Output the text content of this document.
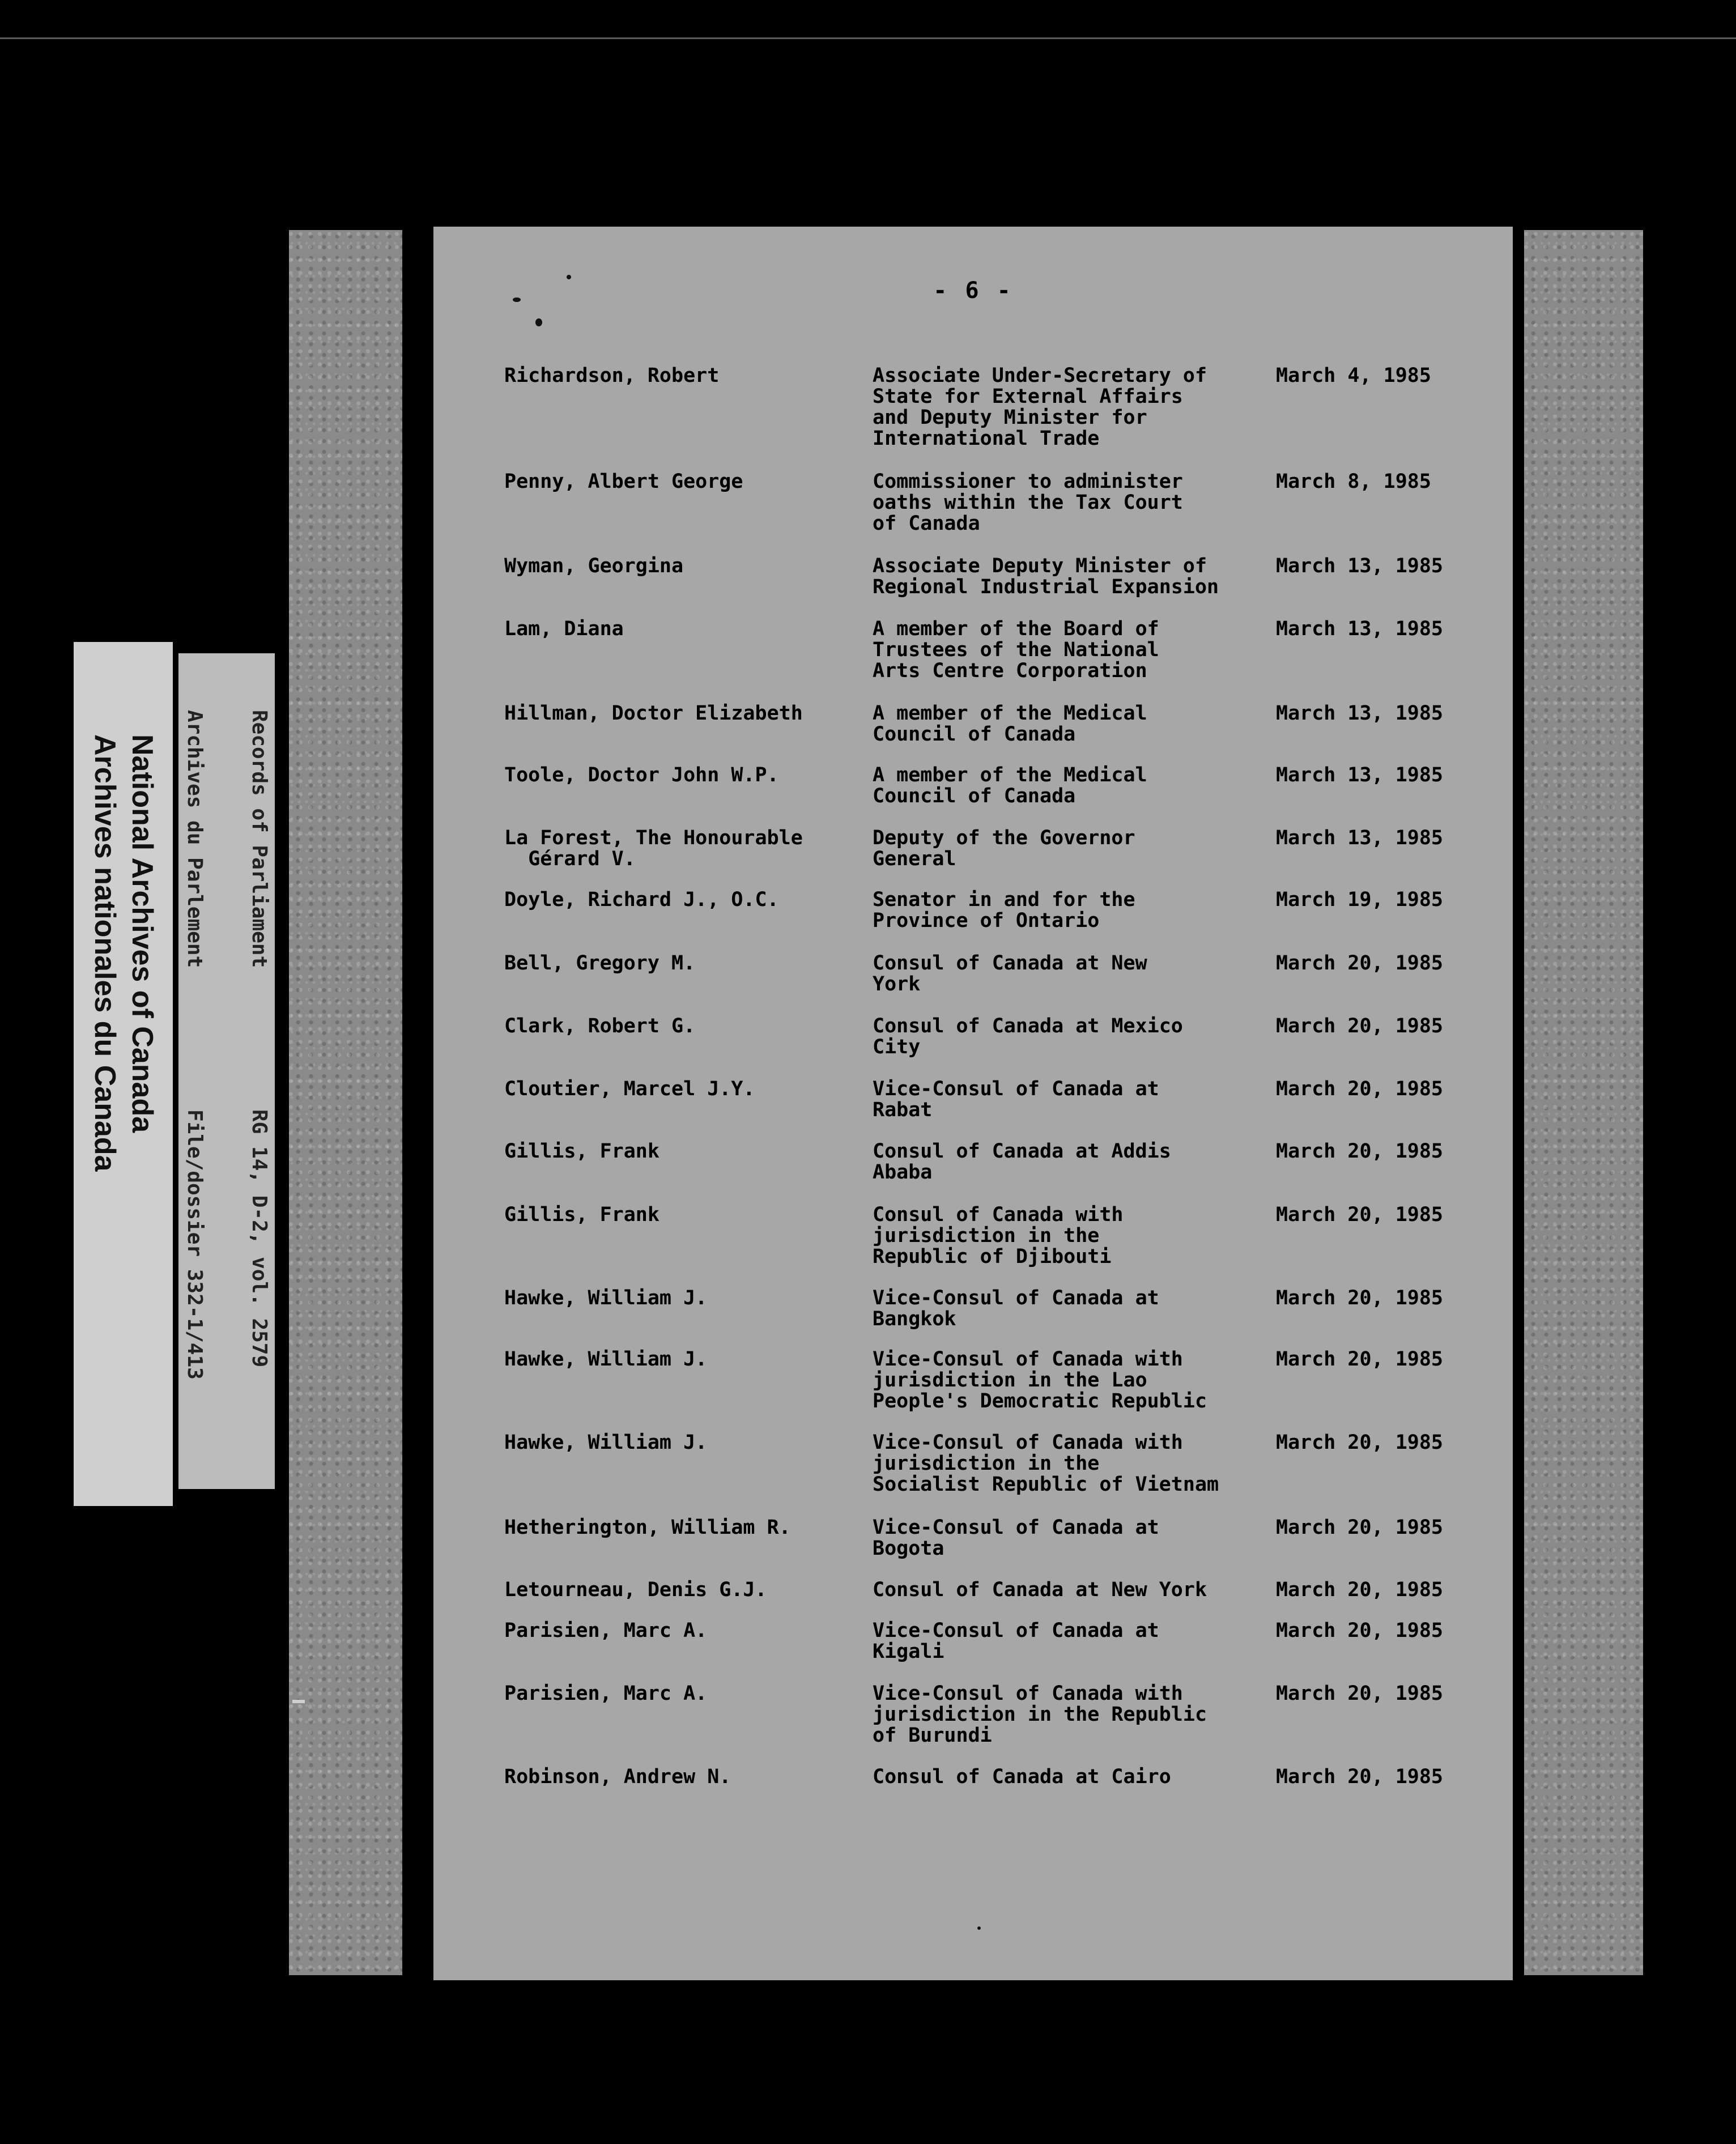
National Archives of Canada
Archives nationales du Canada

	Records of Parliament

Archives du Parlement

RG 14, D-2, vol. 2579

File/dossier 332-1/413

- 6 -
Richardson, Robert	Associate Under-Secretary of
State for External Affairs
and Deputy Minister for
International Trade
March 4, 1985
Penny, Albert George	Commissioner to administer
oaths within the Tax Court
of Canada
March 8, 1985
Wyman, Georgina	Associate Deputy Minister of
Regional Industrial Expansion
March 13, 1985
Lam, Diana	A member of the Board of
Trustees of the National
Arts Centre Corporation
March 13, 1985
Hillman, Doctor Elizabeth	A member of the Medical
Council of Canada
March 13, 1985
Toole, Doctor John W.P.	A member of the Medical
Council of Canada
March 13, 1985
La Forest, The Honourable
Gérard V.
Deputy of the Governor
General
March 13, 1985
Doyle, Richard J., O.C.	Senator in and for the
Province of Ontario
March 19, 1985
Bell, Gregory M.	Consul of Canada at New
York
March 20, 1985
Clark, Robert G.	Consul of Canada at Mexico
City
March 20, 1985
Cloutier, Marcel J.Y.	Vice-Consul of Canada at
Rabat
March 20, 1985
Gillis, Frank	Consul of Canada at Addis
Ababa
March 20, 1985
Gillis, Frank	Consul of Canada with
jurisdiction in the
Republic of Djibouti
March 20, 1985
Hawke, William J.	Vice-Consul of Canada at
Bangkok
March 20, 1985
Hawke, William J.	Vice-Consul of Canada with
jurisdiction in the Lao
People's Democratic Republic
March 20, 1985
Hawke, William J.	Vice-Consul of Canada with
jurisdiction in the
Socialist Republic of Vietnam
March 20, 1985
Hetherington, William R.	Vice-Consul of Canada at
Bogota
March 20, 1985
Letourneau, Denis G.J.	Consul of Canada at New York	March 20, 1985
Parisien, Marc A.	Vice-Consul of Canada at
Kigali
March 20, 1985
Parisien, Marc A.	Vice-Consul of Canada with
jurisdiction in the Republic
of Burundi
March 20, 1985
Robinson, Andrew N.	Consul of Canada at Cairo	March 20, 1985
